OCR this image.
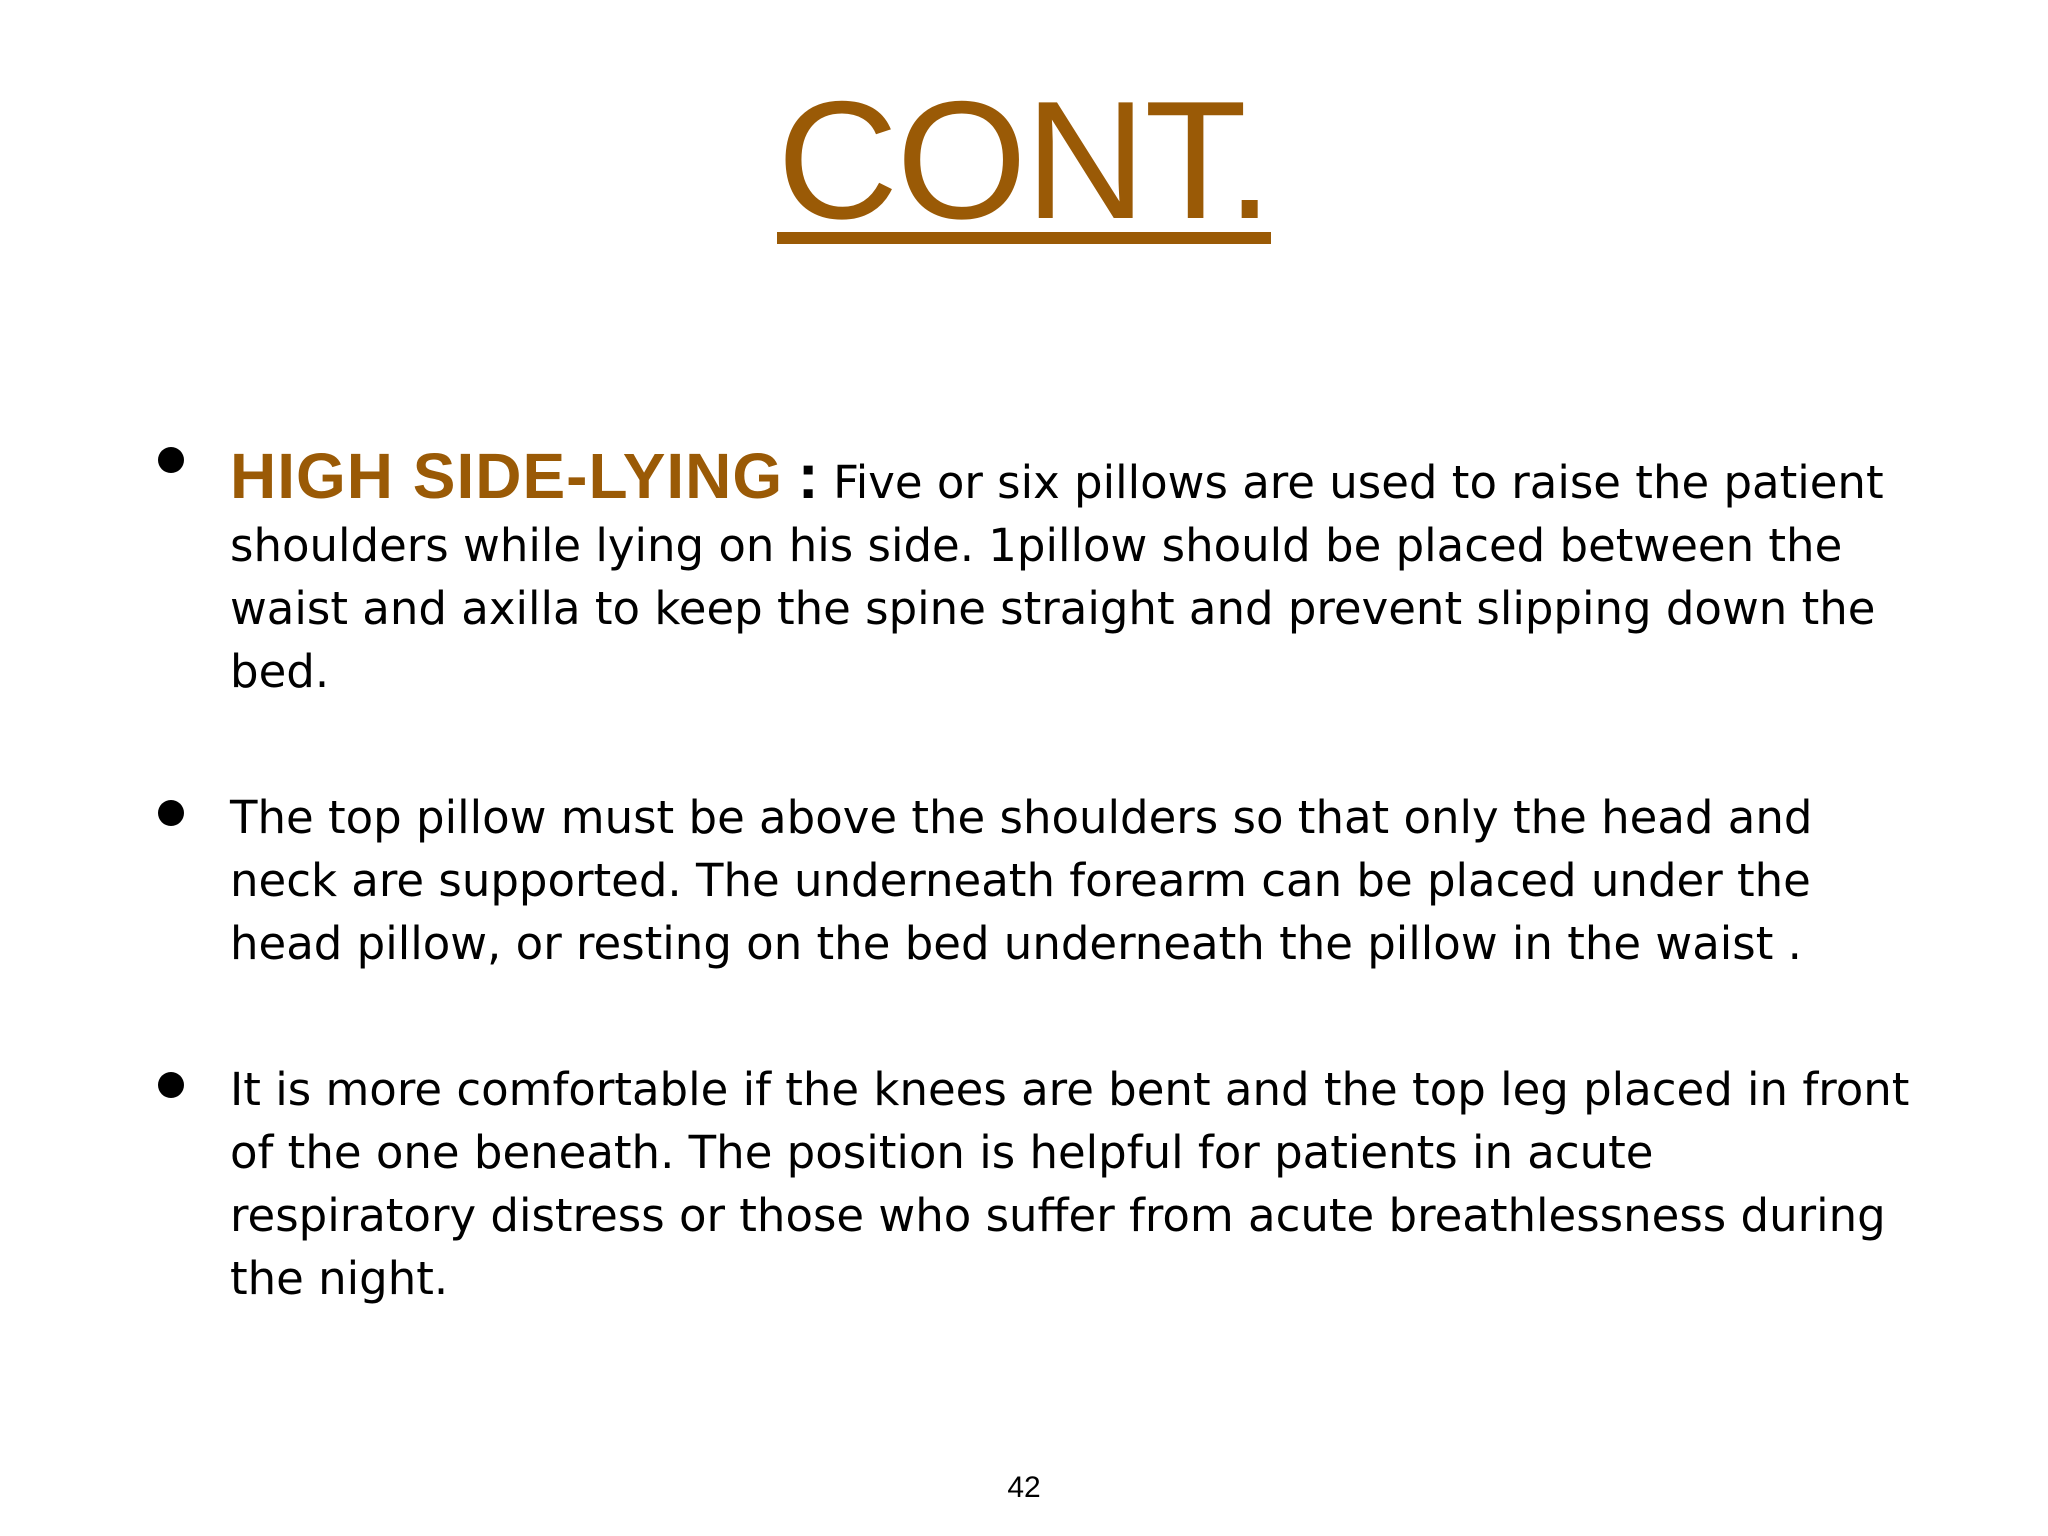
CONT.
HIGH SIDE-LYING : Five or six pillows are used to raise the patient shoulders while lying on his side. 1pillow should be placed between the waist and axilla to keep the spine straight and prevent slipping down the bed.
The top pillow must be above the shoulders so that only the head and neck are supported. The underneath forearm can be placed under the head pillow, or resting on the bed underneath the pillow in the waist .
It is more comfortable if the knees are bent and the top leg placed in front of the one beneath. The position is helpful for patients in acute respiratory distress or those who suffer from acute breathlessness during the night.
42
